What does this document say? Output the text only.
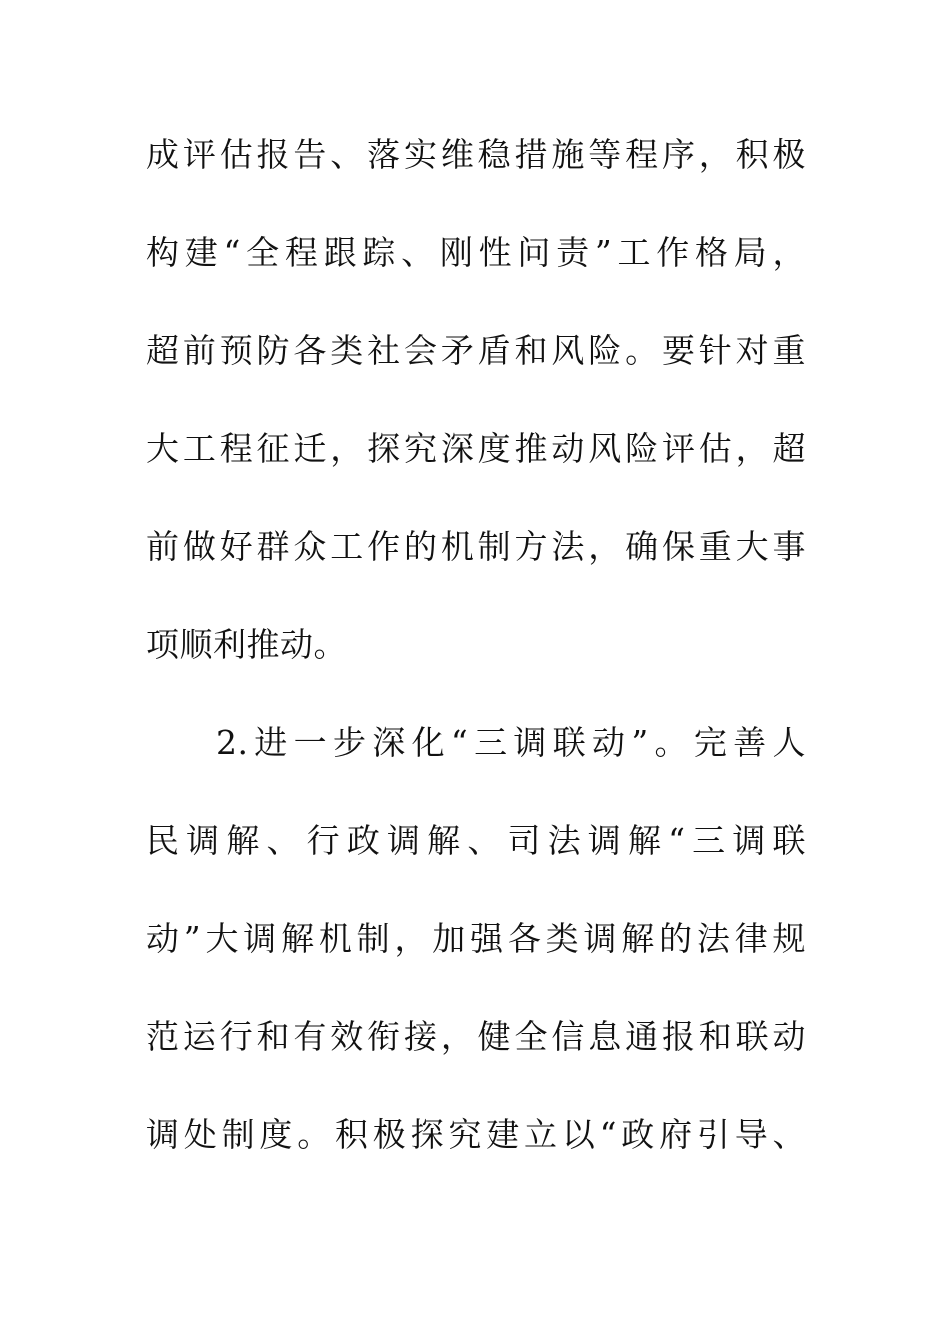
成评估报告、落实维稳措施等程序，积极
构建“全程跟踪、刚性问责”工作格局，
超前预防各类社会矛盾和风险。要针对重
大工程征迁，探究深度推动风险评估，超
前做好群众工作的机制方法，确保重大事
项顺利推动。
2.进一步深化“三调联动”。完善人
民调解、行政调解、司法调解“三调联
动”大调解机制，加强各类调解的法律规
范运行和有效衔接，健全信息通报和联动
调处制度。积极探究建立以“政府引导、
